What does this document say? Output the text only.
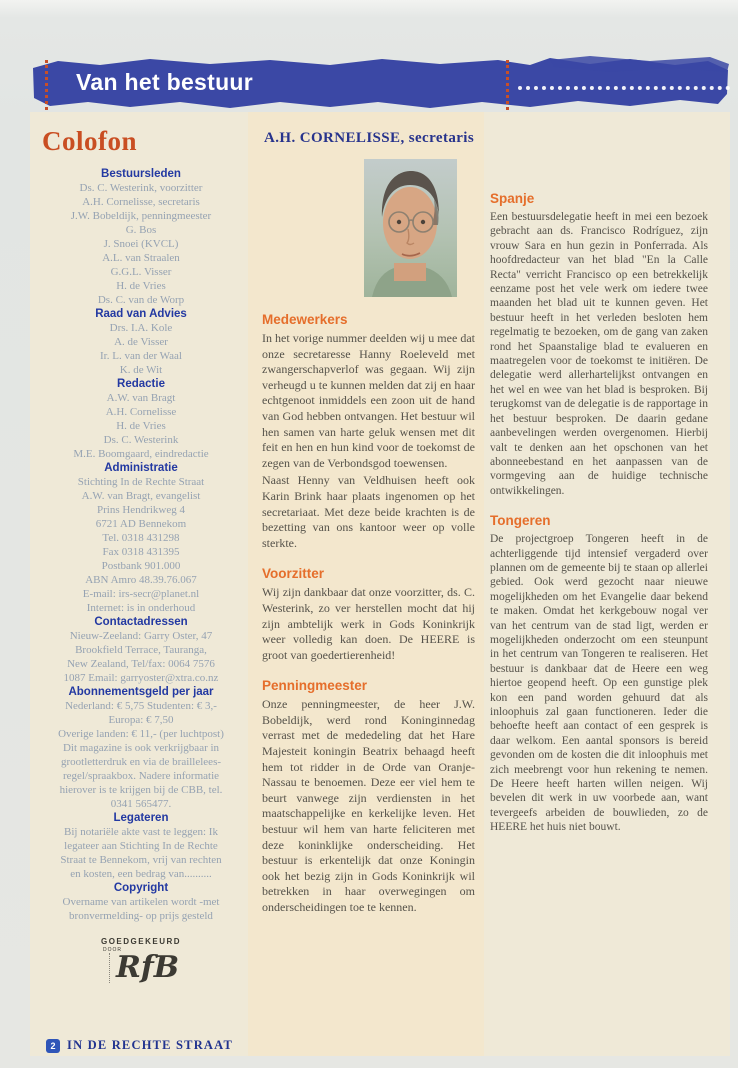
Van het bestuur
Colofon
Bestuursleden
Ds. C. Westerink, voorzitter
A.H. Cornelisse, secretaris
J.W. Bobeldijk, penningmeester
G. Bos
J. Snoei (KVCL)
A.L. van Straalen
G.G.L. Visser
H. de Vries
Ds. C. van de Worp
Raad van Advies
Drs. I.A. Kole
A. de Visser
Ir. L. van der Waal
K. de Wit
Redactie
A.W. van Bragt
A.H. Cornelisse
H. de Vries
Ds. C. Westerink
M.E. Boomgaard, eindredactie
Administratie
Stichting In de Rechte Straat
A.W. van Bragt, evangelist
Prins Hendrikweg 4
6721 AD Bennekom
Tel. 0318 431298
Fax 0318 431395
Postbank 901.000
ABN Amro 48.39.76.067
E-mail: irs-secr@planet.nl
Internet: is in onderhoud
Contactadressen
Nieuw-Zeeland: Garry Oster, 47
Brookfield Terrace, Tauranga,
New Zealand, Tel/fax: 0064 7576
1087 Email: garryoster@xtra.co.nz
Abonnementsgeld per jaar
Nederland: € 5,75 Studenten: € 3,-
Europa: € 7,50
Overige landen: € 11,- (per luchtpost)
Dit magazine is ook verkrijgbaar in
grootletterdruk en via de braillelees-
regel/spraakbox. Nadere informatie
hierover is te krijgen bij de CBB, tel.
0341 565477.
Legateren
Bij notariële akte vast te leggen: Ik
legateer aan Stichting In de Rechte
Straat te Bennekom, vrij van rechten
en kosten, een bedrag van..........
Copyright
Overname van artikelen wordt -met
bronvermelding- op prijs gesteld
GOEDGEKEURD
DOOR
RfB
A.H. CORNELISSE, secretaris
Medewerkers
In het vorige nummer deelden wij u mee dat onze secretaresse Hanny Roeleveld met zwangerschapverlof was gegaan. Wij zijn verheugd u te kunnen melden dat zij en haar echtgenoot inmiddels een zoon uit de hand van God hebben ontvangen. Het bestuur wil hen samen van harte geluk wensen met dit feit en hen en hun kind voor de toekomst de zegen van de Verbondsgod toewensen.
Naast Henny van Veldhuisen heeft ook Karin Brink haar plaats ingenomen op het secretariaat. Met deze beide krachten is de bezetting van ons kantoor weer op volle sterkte.
Voorzitter
Wij zijn dankbaar dat onze voorzitter, ds. C. Westerink, zo ver herstellen mocht dat hij zijn ambtelijk werk in Gods Koninkrijk weer volledig kan doen. De HEERE is groot van goedertierenheid!
Penningmeester
Onze penningmeester, de heer J.W. Bobeldijk, werd rond Koninginnedag verrast met de mededeling dat het Hare Majesteit koningin Beatrix behaagd heeft hem tot ridder in de Orde van Oranje-Nassau te benoemen. Deze eer viel hem te beurt vanwege zijn verdiensten in het maatschappelijke en kerkelijke leven. Het bestuur wil hem van harte feliciteren met deze koninklijke onderscheiding. Het bestuur is erkentelijk dat onze Koningin ook het bezig zijn in Gods Koninkrijk wil betrekken in haar overwegingen om onderscheidingen toe te kennen.
Spanje
Een bestuursdelegatie heeft in mei een bezoek gebracht aan ds. Francisco Rodríguez, zijn vrouw Sara en hun gezin in Ponferrada. Als hoofdredacteur van het blad "En la Calle Recta" verricht Francisco op een betrekkelijk eenzame post het vele werk om iedere twee maanden het blad uit te kunnen geven. Het bestuur heeft in het verleden besloten hem regelmatig te bezoeken, om de gang van zaken rond het Spaanstalige blad te evalueren en maatregelen voor de toekomst te initiëren. De delegatie werd allerhartelijkst ontvangen en het wel en wee van het blad is besproken. Bij terugkomst van de delegatie is de rapportage in het bestuur besproken. De daarin gedane aanbevelingen werden overgenomen. Hierbij valt te denken aan het opschonen van het abonneebestand en het aanpassen van de vormgeving aan de huidige technische ontwikkelingen.
Tongeren
De projectgroep Tongeren heeft in de achterliggende tijd intensief vergaderd over plannen om de gemeente bij te staan op allerlei gebied. Ook werd gezocht naar nieuwe mogelijkheden om het Evangelie daar bekend te maken. Omdat het kerkgebouw nogal ver van het centrum van de stad ligt, werden er mogelijkheden onderzocht om een steunpunt in het centrum van Tongeren te realiseren. Het bestuur is dankbaar dat de Heere een weg hiertoe geopend heeft. Op een gunstige plek kon een pand worden gehuurd dat als inloophuis zal gaan functioneren. Ieder die behoefte heeft aan contact of een gesprek is daar welkom. Een aantal sponsors is bereid gevonden om de kosten die dit inloophuis met zich meebrengt voor hun rekening te nemen. De Heere heeft harten willen neigen. Wij bevelen dit werk in uw voorbede aan, want tevergeefs arbeiden de bouwlieden, zo de HEERE het huis niet bouwt.
2 IN DE RECHTE STRAAT
